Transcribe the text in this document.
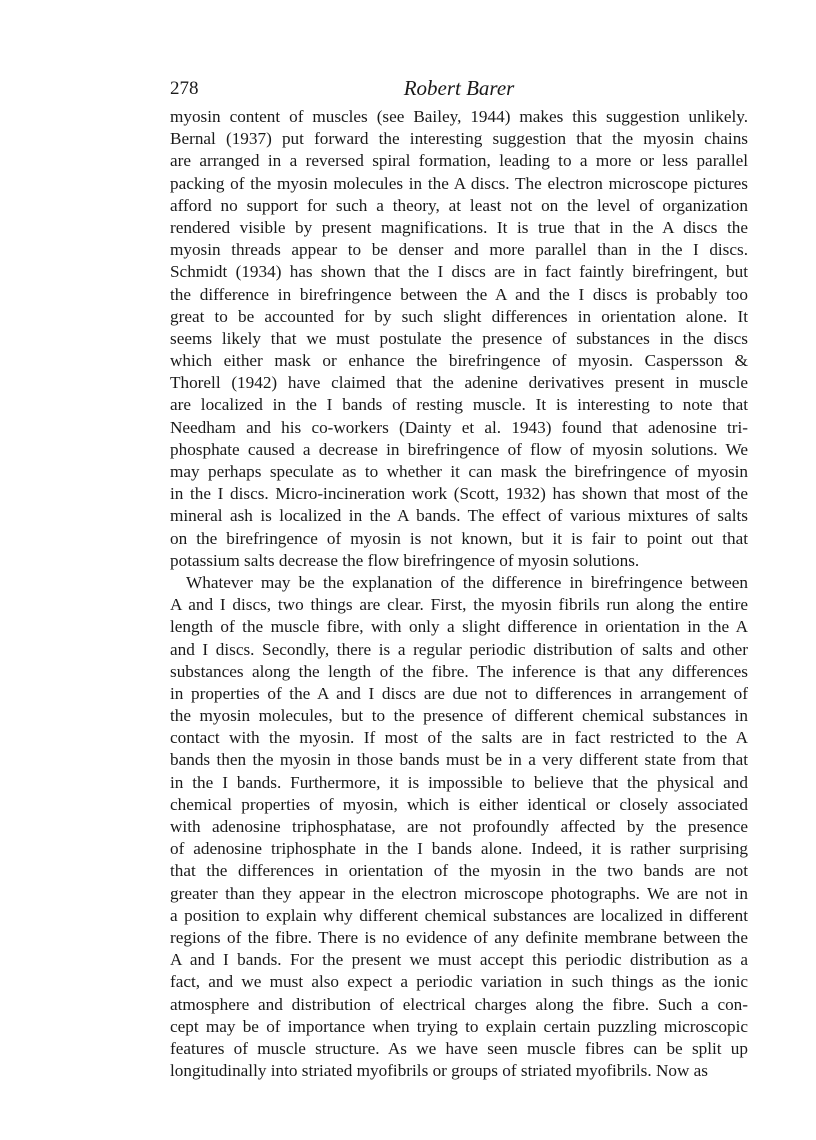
278	Robert Barer
myosin content of muscles (see Bailey, 1944) makes this suggestion unlikely.
Bernal (1937) put forward the interesting suggestion that the myosin chains
are arranged in a reversed spiral formation, leading to a more or less parallel
packing of the myosin molecules in the A discs. The electron microscope pictures
afford no support for such a theory, at least not on the level of organization
rendered visible by present magnifications. It is true that in the A discs the
myosin threads appear to be denser and more parallel than in the I discs.
Schmidt (1934) has shown that the I discs are in fact faintly birefringent, but
the difference in birefringence between the A and the I discs is probably too
great to be accounted for by such slight differences in orientation alone. It
seems likely that we must postulate the presence of substances in the discs
which either mask or enhance the birefringence of myosin. Caspersson &
Thorell (1942) have claimed that the adenine derivatives present in muscle
are localized in the I bands of resting muscle. It is interesting to note that
Needham and his co-workers (Dainty et al. 1943) found that adenosine tri-
phosphate caused a decrease in birefringence of flow of myosin solutions. We
may perhaps speculate as to whether it can mask the birefringence of myosin
in the I discs. Micro-incineration work (Scott, 1932) has shown that most of the
mineral ash is localized in the A bands. The effect of various mixtures of salts
on the birefringence of myosin is not known, but it is fair to point out that
potassium salts decrease the flow birefringence of myosin solutions.
Whatever may be the explanation of the difference in birefringence between
A and I discs, two things are clear. First, the myosin fibrils run along the entire
length of the muscle fibre, with only a slight difference in orientation in the A
and I discs. Secondly, there is a regular periodic distribution of salts and other
substances along the length of the fibre. The inference is that any differences
in properties of the A and I discs are due not to differences in arrangement of
the myosin molecules, but to the presence of different chemical substances in
contact with the myosin. If most of the salts are in fact restricted to the A
bands then the myosin in those bands must be in a very different state from that
in the I bands. Furthermore, it is impossible to believe that the physical and
chemical properties of myosin, which is either identical or closely associated
with adenosine triphosphatase, are not profoundly affected by the presence
of adenosine triphosphate in the I bands alone. Indeed, it is rather surprising
that the differences in orientation of the myosin in the two bands are not
greater than they appear in the electron microscope photographs. We are not in
a position to explain why different chemical substances are localized in different
regions of the fibre. There is no evidence of any definite membrane between the
A and I bands. For the present we must accept this periodic distribution as a
fact, and we must also expect a periodic variation in such things as the ionic
atmosphere and distribution of electrical charges along the fibre. Such a con-
cept may be of importance when trying to explain certain puzzling microscopic
features of muscle structure. As we have seen muscle fibres can be split up
longitudinally into striated myofibrils or groups of striated myofibrils. Now as
